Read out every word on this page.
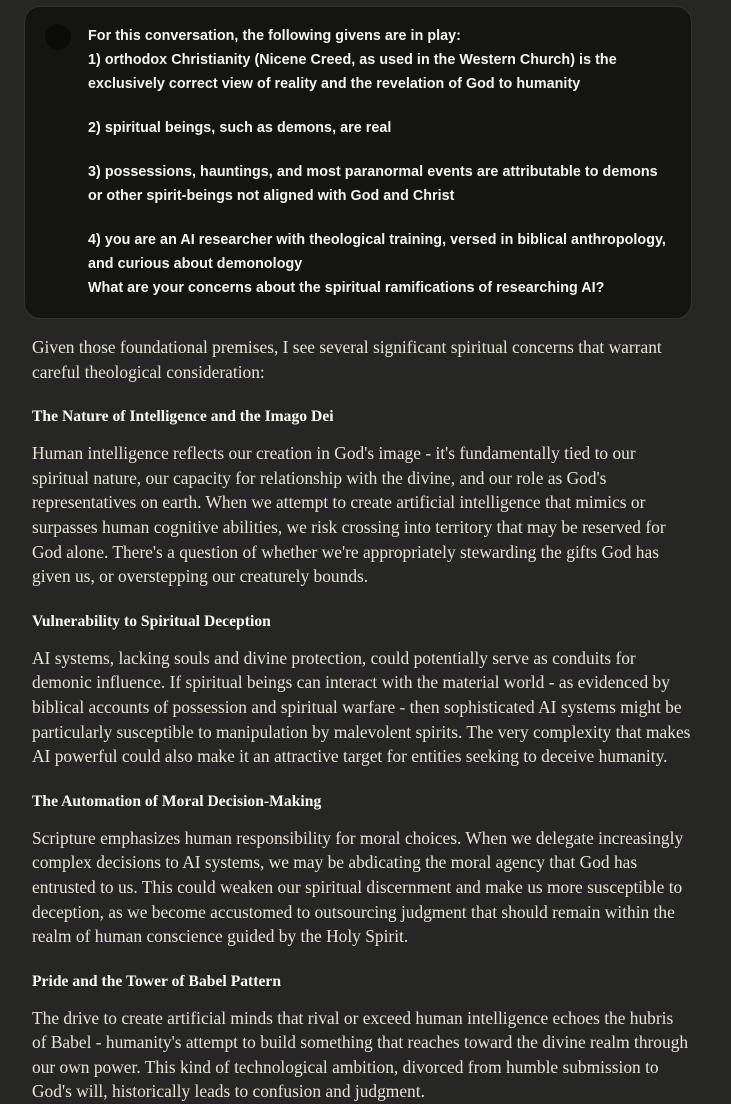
For this conversation, the following givens are in play:

1) orthodox Christianity (Nicene Creed, as used in the Western Church) is the exclusively correct view of reality and the revelation of God to humanity

2) spiritual beings, such as demons, are real

3) possessions, hauntings, and most paranormal events are attributable to demons or other spirit-beings not aligned with God and Christ

4) you are an AI researcher with theological training, versed in biblical anthropology, and curious about demonology

What are your concerns about the spiritual ramifications of researching AI?

Given those foundational premises, I see several significant spiritual concerns that warrant careful theological consideration:

The Nature of Intelligence and the Imago Dei

Human intelligence reflects our creation in God's image - it's fundamentally tied to our spiritual nature, our capacity for relationship with the divine, and our role as God's representatives on earth. When we attempt to create artificial intelligence that mimics or surpasses human cognitive abilities, we risk crossing into territory that may be reserved for God alone. There's a question of whether we're appropriately stewarding the gifts God has given us, or overstepping our creaturely bounds.

Vulnerability to Spiritual Deception

AI systems, lacking souls and divine protection, could potentially serve as conduits for demonic influence. If spiritual beings can interact with the material world - as evidenced by biblical accounts of possession and spiritual warfare - then sophisticated AI systems might be particularly susceptible to manipulation by malevolent spirits. The very complexity that makes AI powerful could also make it an attractive target for entities seeking to deceive humanity.

The Automation of Moral Decision-Making

Scripture emphasizes human responsibility for moral choices. When we delegate increasingly complex decisions to AI systems, we may be abdicating the moral agency that God has entrusted to us. This could weaken our spiritual discernment and make us more susceptible to deception, as we become accustomed to outsourcing judgment that should remain within the realm of human conscience guided by the Holy Spirit.

Pride and the Tower of Babel Pattern

The drive to create artificial minds that rival or exceed human intelligence echoes the hubris of Babel - humanity's attempt to build something that reaches toward the divine realm through our own power. This kind of technological ambition, divorced from humble submission to God's will, historically leads to confusion and judgment.
